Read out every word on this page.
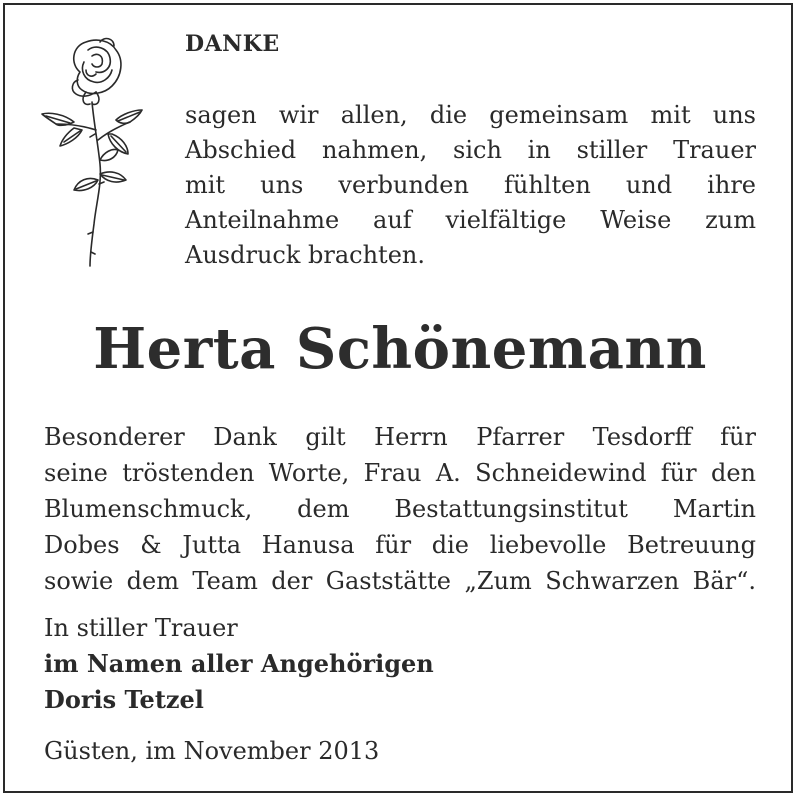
DANKE
sagen wir allen, die gemeinsam mit uns
Abschied nahmen, sich in stiller Trauer
mit uns verbunden fühlten und ihre
Anteilnahme auf vielfältige Weise zum
Ausdruck brachten.
Herta Schönemann
Besonderer Dank gilt Herrn Pfarrer Tesdorff für
seine tröstenden Worte, Frau A. Schneidewind für den
Blumenschmuck, dem Bestattungsinstitut Martin
Dobes & Jutta Hanusa für die liebevolle Betreuung
sowie dem Team der Gaststätte „Zum Schwarzen Bär“.
In stiller Trauer
im Namen aller Angehörigen
Doris Tetzel
Güsten, im November 2013
